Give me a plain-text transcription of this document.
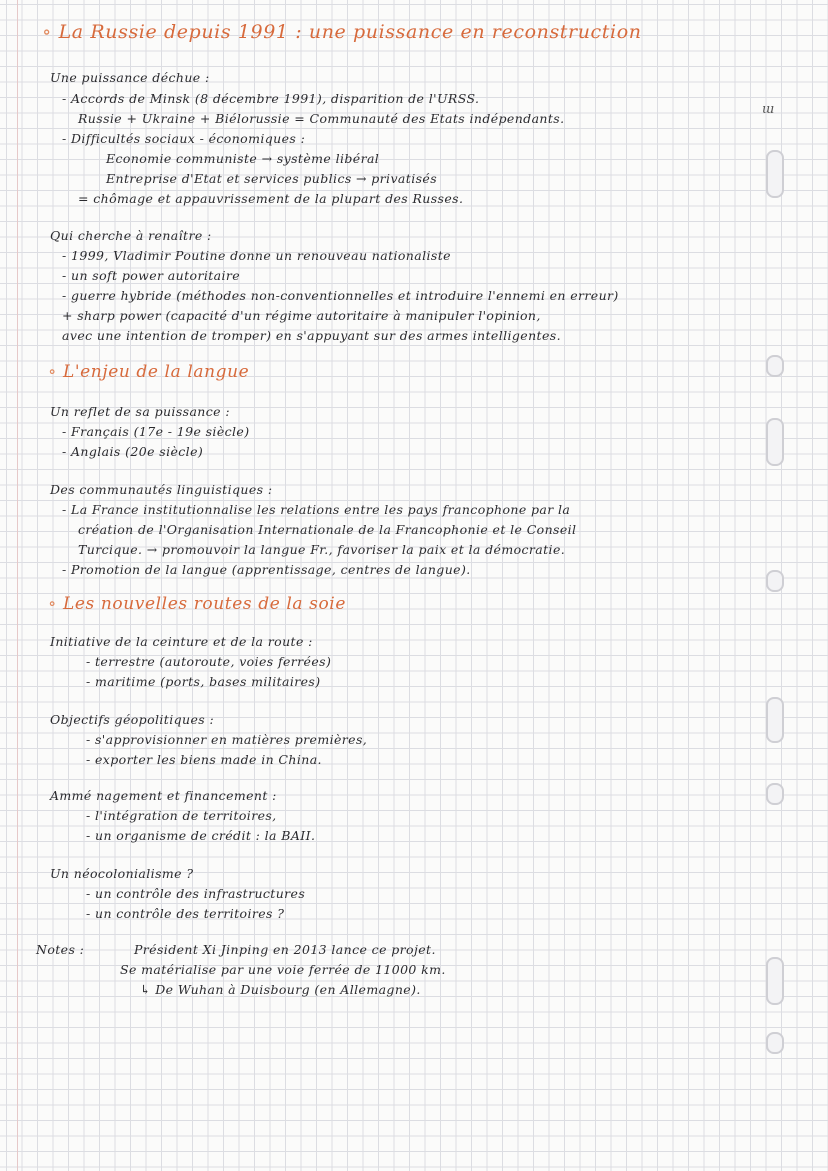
∘ La Russie depuis 1991 : une puissance en reconstruction
Une puissance déchue :
- Accords de Minsk (8 décembre 1991), disparition de l'URSS.
Russie + Ukraine + Biélorussie = Communauté des Etats indépendants.
ա
- Difficultés sociaux - économiques :
Economie communiste → système libéral
Entreprise d'Etat et services publics → privatisés
= chômage et appauvrissement de la plupart des Russes.
Qui cherche à renaître :
- 1999, Vladimir Poutine donne un renouveau nationaliste
- un soft power autoritaire
- guerre hybride (méthodes non-conventionnelles et introduire l'ennemi en erreur)
+ sharp power (capacité d'un régime autoritaire à manipuler l'opinion,
avec une intention de tromper) en s'appuyant sur des armes intelligentes.
∘ L'enjeu de la langue
Un reflet de sa puissance :
- Français (17e - 19e siècle)
- Anglais (20e siècle)
Des communautés linguistiques :
- La France institutionnalise les relations entre les pays francophone par la
création de l'Organisation Internationale de la Francophonie et le Conseil
Turcique. → promouvoir la langue Fr., favoriser la paix et la démocratie.
- Promotion de la langue (apprentissage, centres de langue).
∘ Les nouvelles routes de la soie
Initiative de la ceinture et de la route :
- terrestre (autoroute, voies ferrées)
- maritime (ports, bases militaires)
Objectifs géopolitiques :
- s'approvisionner en matières premières,
- exporter les biens made in China.
Ammé nagement et financement :
- l'intégration de territoires,
- un organisme de crédit : la BAII.
Un néocolonialisme ?
- un contrôle des infrastructures
- un contrôle des territoires ?
Notes :	Président Xi Jinping en 2013 lance ce projet.
Se matérialise par une voie ferrée de 11000 km.
↳ De Wuhan à Duisbourg (en Allemagne).
